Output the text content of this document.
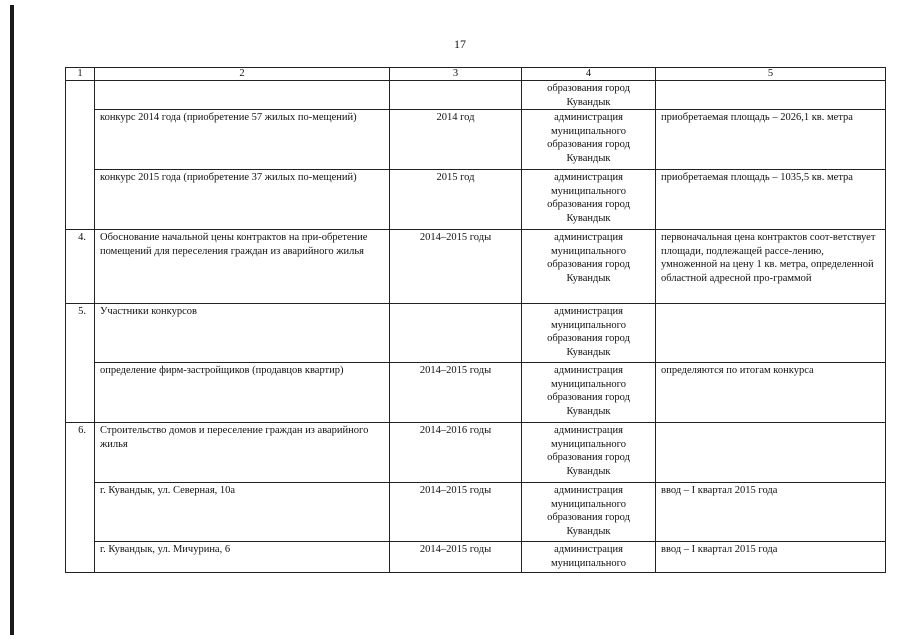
17
1	2	3	4	5
			образования город Кувандык	
	конкурс 2014 года (приобретение 57 жилых по-мещений)	2014 год	администрация муниципального образования город Кувандык	приобретаемая площадь – 2026,1 кв. метра
	конкурс 2015 года (приобретение 37 жилых по-мещений)	2015 год	администрация муниципального образования город Кувандык	приобретаемая площадь – 1035,5 кв. метра
4.	Обоснование начальной цены контрактов на при-обретение помещений для переселения граждан из аварийного жилья	2014–2015 годы	администрация муниципального образования город Кувандык	первоначальная цена контрактов соот-ветствует площади, подлежащей рассе-лению, умноженной на цену 1 кв. метра, определенной областной адресной про-граммой
5.	Участники конкурсов		администрация муниципального образования город Кувандык	
	определение фирм-застройщиков (продавцов квартир)	2014–2015 годы	администрация муниципального образования город Кувандык	определяются по итогам конкурса
6.	Строительство домов и переселение граждан из аварийного жилья	2014–2016 годы	администрация муниципального образования город Кувандык	
	г. Кувандык, ул. Северная, 10а	2014–2015 годы	администрация муниципального образования город Кувандык	ввод – I квартал 2015 года
	г. Кувандык, ул. Мичурина, 6	2014–2015 годы	администрация муниципального	ввод – I квартал 2015 года
